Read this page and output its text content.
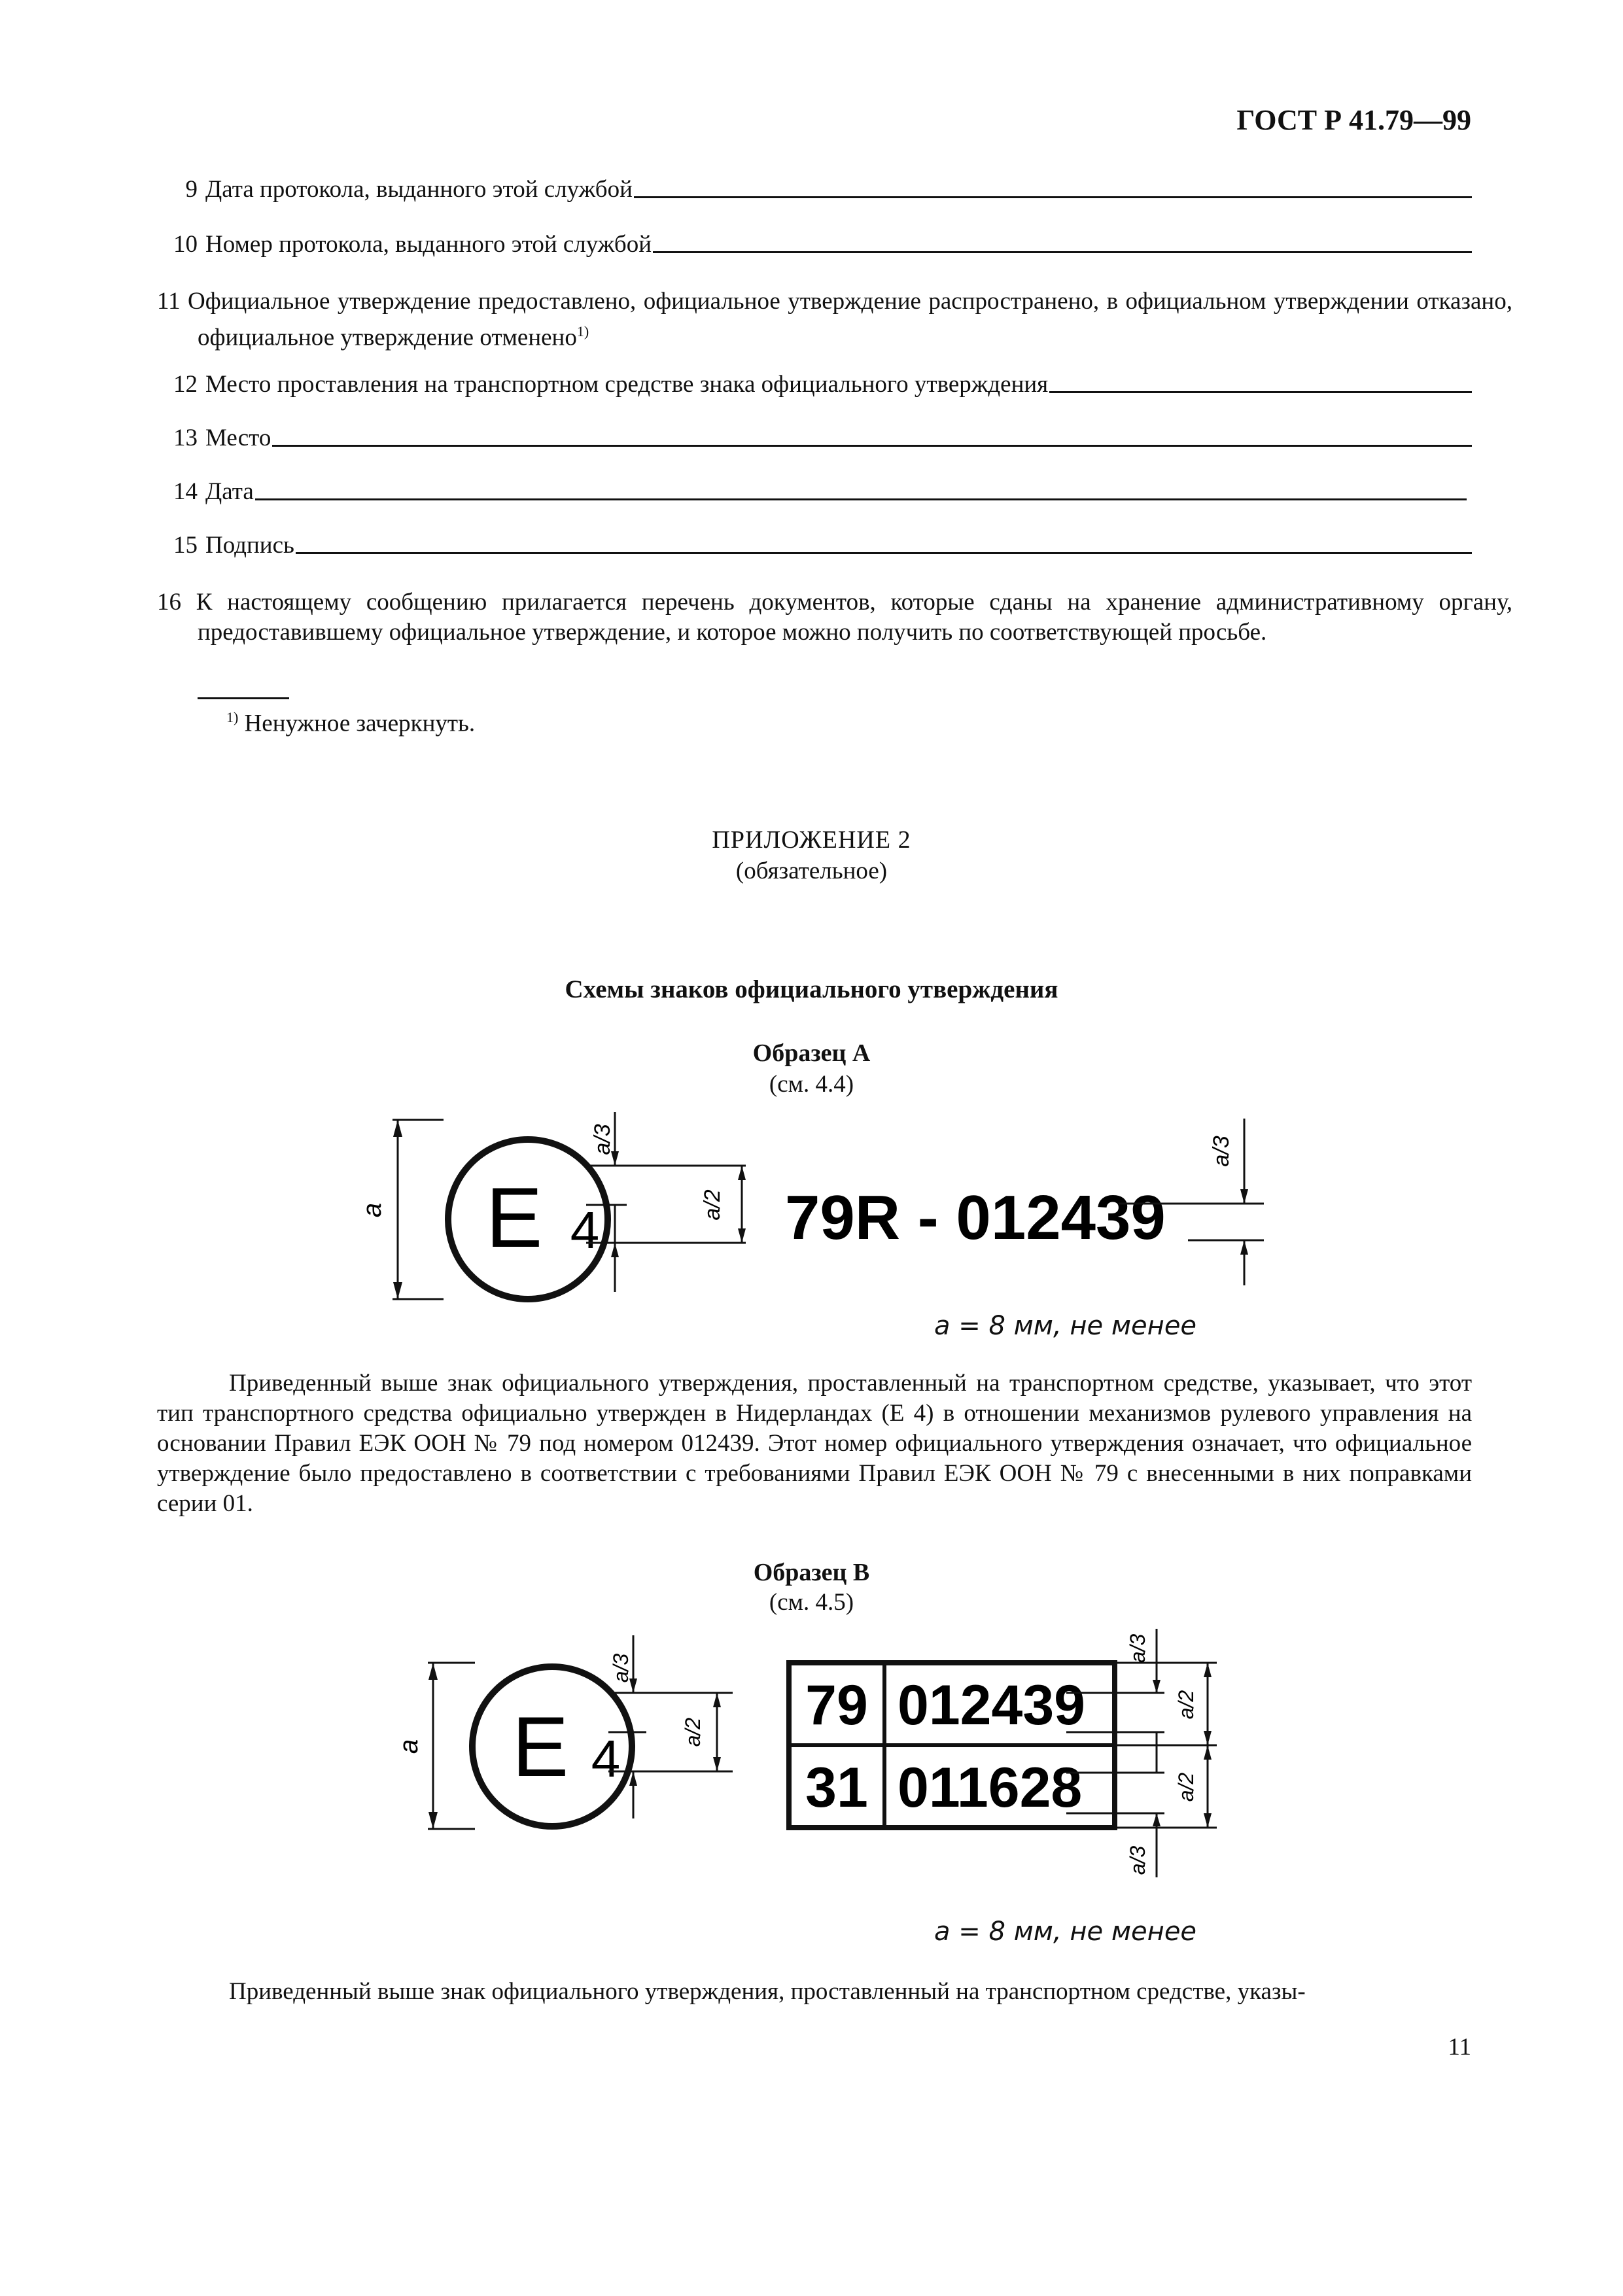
ГОСТ Р 41.79—99
9 Дата протокола, выданного этой службой
10 Номер протокола, выданного этой службой
11 Официальное утверждение предоставлено, официальное утверждение распространено, в официальном утверждении отказано, официальное утверждение отменено$^{1)}$
12 Место проставления на транспортном средстве знака официального утверждения
13 Место
14 Дата
15 Подпись
16 К настоящему сообщению прилагается перечень документов, которые сданы на хранение административному органу, предоставившему официальное утверждение, и которое можно получить по соответствующей просьбе.
$^{1)}$ Ненужное зачеркнуть.
ПРИЛОЖЕНИЕ 2
(обязательное)
Схемы знаков официального утверждения
Образец A
(см. 4.4)
a E 4
a/3
a/2 79R - 012439
a/3
a = 8 мм, не менее
Приведенный выше знак официального утверждения, проставленный на транспортном средстве, указывает, что этот тип транспортного средства официально утвержден в Нидерландах (Е 4) в отношении механизмов рулевого управления на основании Правил ЕЭК ООН № 79 под номером 012439. Этот номер официального утверждения означает, что официальное утверждение было предоставлено в соответствии с требованиями Правил ЕЭК ООН № 79 с внесенными в них поправками серии 01.
Образец B
(см. 4.5)
a E 4
a/3
a/2 79 012439
31 011628
a/3
a/3
a/2
a/2
a = 8 мм, не менее
Приведенный выше знак официального утверждения, проставленный на транспортном средстве, указы-
11
